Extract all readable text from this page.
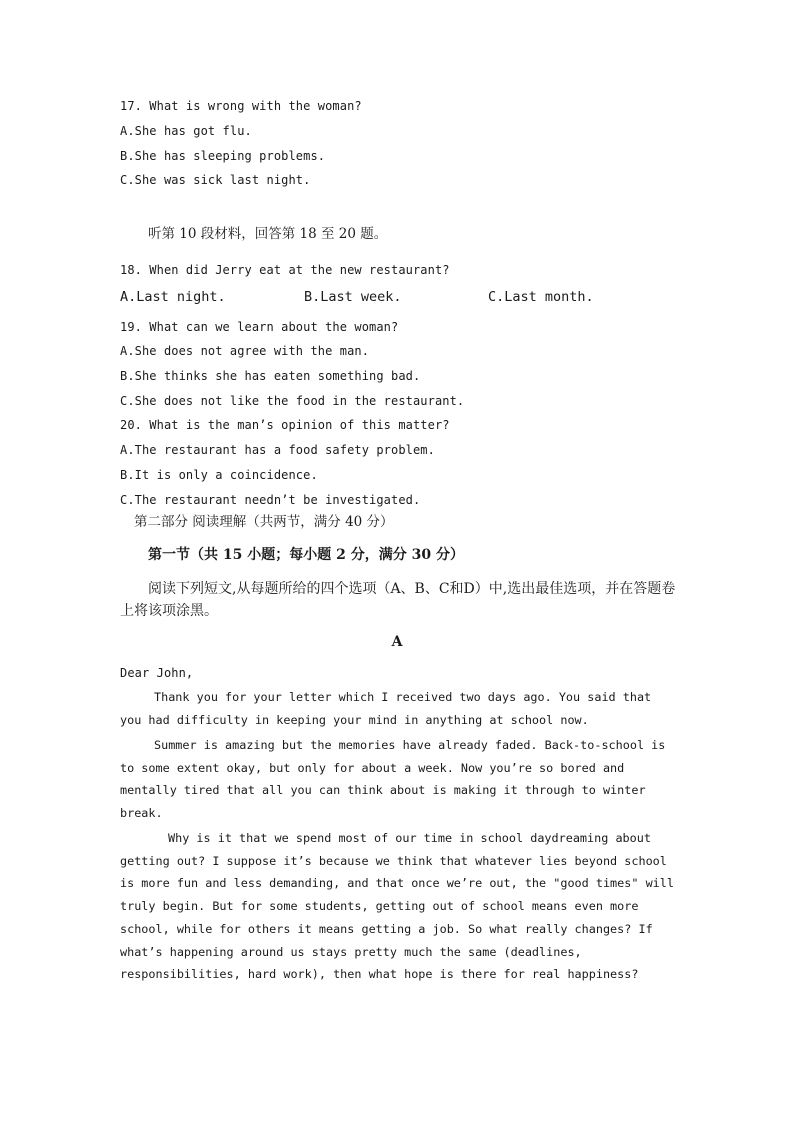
17. What is wrong with the woman?
A.She has got flu.
B.She has sleeping problems.
C.She was sick last night.
听第 10 段材料，回答第 18 至 20 题。
18. When did Jerry eat at the new restaurant?
A.Last night.	B.Last week.	C.Last month.
19. What can we learn about the woman?
A.She does not agree with the man.
B.She thinks she has eaten something bad.
C.She does not like the food in the restaurant.
20. What is the man’s opinion of this matter?
A.The restaurant has a food safety problem.
B.It is only a coincidence.
C.The restaurant needn’t be investigated.
第二部分 阅读理解（共两节，满分 40 分）
第一节（共 15 小题；每小题 2 分，满分 30 分）
阅读下列短文,从每题所给的四个选项（A、B、C和D）中,选出最佳选项，并在答题卷上将该项涂黑。
A
Dear John,
Thank you for your letter which I received two days ago. You said that you had difficulty in keeping your mind in anything at school now.
Summer is amazing but the memories have already faded. Back-to-school is to some extent okay, but only for about a week. Now you’re so bored and mentally tired that all you can think about is making it through to winter break.
Why is it that we spend most of our time in school daydreaming about getting out? I suppose it’s because we think that whatever lies beyond school is more fun and less demanding, and that once we’re out, the "good times" will truly begin. But for some students, getting out of school means even more school, while for others it means getting a job. So what really changes? If what’s happening around us stays pretty much the same (deadlines, responsibilities, hard work), then what hope is there for real happiness?
